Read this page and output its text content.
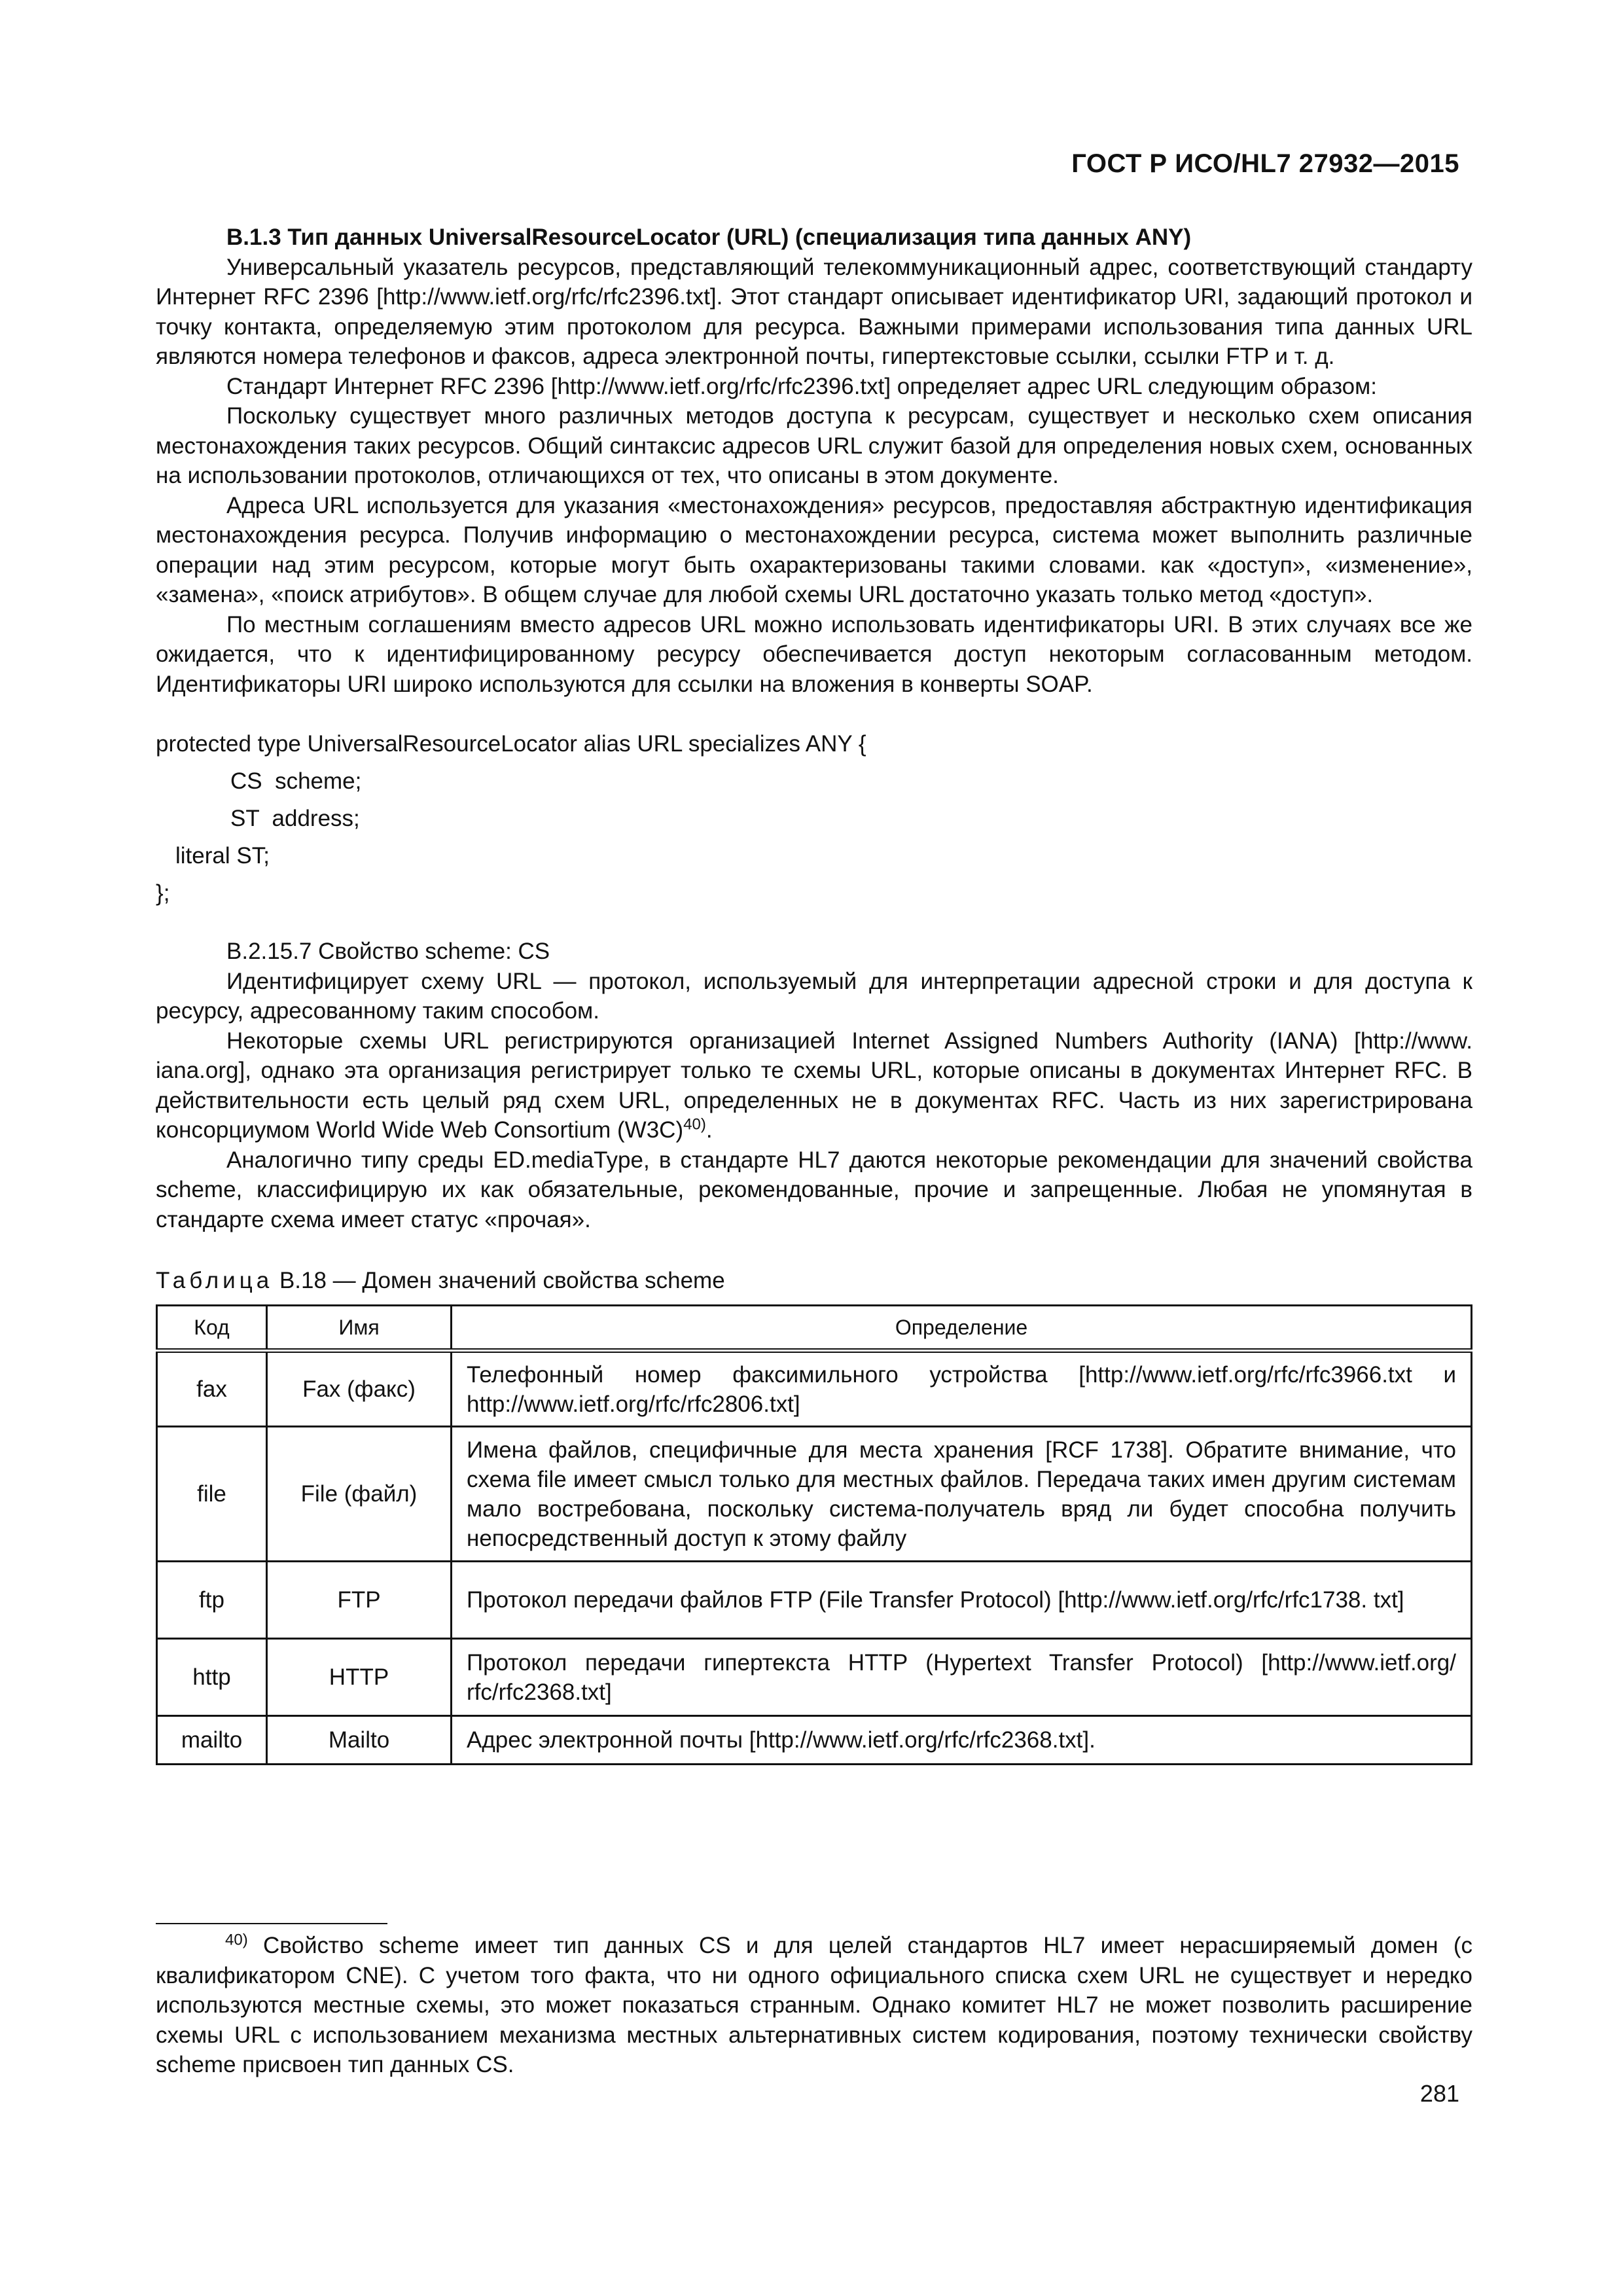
ГОСТ Р ИСО/HL7 27932—2015

В.1.3 Тип данных UniversalResourceLocator (URL) (специализация типа данных ANY)

Универсальный указатель ресурсов, представляющий телекоммуникационный адрес, соответствующий стандарту Интернет RFC 2396 [http://www.ietf.org/rfc/rfc2396.txt]. Этот стандарт описывает идентификатор URI, задающий протокол и точку контакта, определяемую этим протоколом для ресурса. Важными примерами использования типа данных URL являются номера телефонов и факсов, адреса электронной почты, гипертекстовые ссылки, ссылки FTP и т. д.

Стандарт Интернет RFC 2396 [http://www.ietf.org/rfc/rfc2396.txt] определяет адрес URL следующим образом:

Поскольку существует много различных методов доступа к ресурсам, существует и несколько схем описания местонахождения таких ресурсов. Общий синтаксис адресов URL служит базой для определения новых схем, основанных на использовании протоколов, отличающихся от тех, что описаны в этом документе.

Адреса URL используется для указания «местонахождения» ресурсов, предоставляя абстрактную идентификация местонахождения ресурса. Получив информацию о местонахождении ресурса, система может выполнить различные операции над этим ресурсом, которые могут быть охарактеризованы такими словами. как «доступ», «изменение», «замена», «поиск атрибутов». В общем случае для любой схемы URL достаточно указать только метод «доступ».

По местным соглашениям вместо адресов URL можно использовать идентификаторы URI. В этих случаях все же ожидается, что к идентифицированному ресурсу обеспечивается доступ некоторым согласованным методом. Идентификаторы URI широко используются для ссылки на вложения в конверты SOAP.

protected type UniversalResourceLocator alias URL specializes ANY {
CS  scheme;
ST  address;
literal ST;
};

В.2.15.7 Свойство scheme: CS

Идентифицирует схему URL — протокол, используемый для интерпретации адресной строки и для доступа к ресурсу, адресованному таким способом.

Некоторые схемы URL регистрируются организацией Internet Assigned Numbers Authority (IANA) [http://www. iana.org], однако эта организация регистрирует только те схемы URL, которые описаны в документах Интернет RFC. В действительности есть целый ряд схем URL, определенных не в документах RFC. Часть из них зарегистрирована консорциумом World Wide Web Consortium $(W3C)^{40)}$.

Аналогично типу среды ED.mediaType, в стандарте HL7 даются некоторые рекомендации для значений свойства scheme, классифицирую их как обязательные, рекомендованные, прочие и запрещенные. Любая не упомянутая в стандарте схема имеет статус «прочая».

Таблица В.18 — Домен значений свойства scheme
Код	Имя	Определение
fax	Fax (факс)	Телефонный номер факсимильного устройства [http://www.ietf.org/rfc/rfc3966.txt и http://www.ietf.org/rfc/rfc2806.txt]
file	File (файл)	Имена файлов, специфичные для места хранения [RCF 1738]. Обратите внимание, что схема file имеет смысл только для местных файлов. Передача таких имен другим системам мало востребована, поскольку система-получатель вряд ли будет способна получить непосредственный доступ к этому файлу
ftp	FTP	Протокол передачи файлов FTP (File Transfer Protocol) [http://www.ietf.org/rfc/rfc1738. txt]
http	HTTP	Протокол передачи гипертекста HTTP (Hypertext Transfer Protocol) [http://www.ietf.org/ rfc/rfc2368.txt]
mailto	Mailto	Адрес электронной почты [http://www.ietf.org/rfc/rfc2368.txt].
$^{40)}$ Свойство scheme имеет тип данных CS и для целей стандартов HL7 имеет нерасширяемый домен (с квалификатором CNE). С учетом того факта, что ни одного официального списка схем URL не существует и нередко используются местные схемы, это может показаться странным. Однако комитет HL7 не может позволить расширение схемы URL с использованием механизма местных альтернативных систем кодирования, поэтому технически свойству scheme присвоен тип данных CS.
281
